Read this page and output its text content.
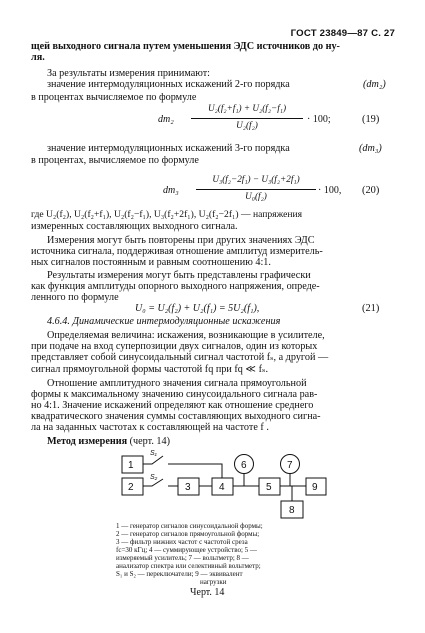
ГОСТ 23849—87 С. 27
щей выходного сигнала путем уменьшения ЭДС источников до ну-
ля.
За результаты измерения принимают:
значение интермодуляционных искажений 2-го порядка	(dm₂)
в процентах вычисляемое по формуле
dm₂
U₂(f₂+f₁) + U₂(f₂−f₁)
U₂(f₂)	· 100;	(19)
значение интермодуляционных искажений 3-го порядка	(dm₃)
в процентах, вычисляемое по формуле
dm₃
U₃(f₂−2f₁) − U₃(f₂+2f₁)
U₀(f₂)	· 100, (20)
где U₂(f₂), U₂(f₂+f₁), U₂(f₂−f₁), U₃(f₂+2f₁), U₂(f₂−2f₁) — напряжения
измеренных составляющих выходного сигнала.
Измерения могут быть повторены при других значениях ЭДС
источника сигнала, поддерживая отношение амплитуд измеритель-
ных сигналов постоянным и равным соотношению 4:1.
Результаты измерения могут быть представлены графически
как функция амплитуды опорного выходного напряжения, опреде-
ленного по формуле
U₀ = U₂(f₂) + U₂(f₁) = 5U₂(f₁),	(21)
4.6.4. Динамические интермодуляционные искажения
Определяемая величина: искажения, возникающие в усилителе,
при подаче на вход суперпозиции двух сигналов, один из которых
представляет собой синусоидальный сигнал частотой fₛ, а другой —
сигнал прямоугольной формы частотой fq при fq ≪ fₛ.
Отношение амплитудного значения сигнала прямоугольной
формы к максимальному значению синусоидального сигнала рав-
но 4:1. Значение искажений определяют как отношение среднего
квадратического значения суммы составляющих выходного сигна-
ла на заданных частотах к составляющей на частоте f .
Метод измерения (черт. 14)
1
2	3	4	5	9
8
6	7
S₁
S₂
1 — генератор сигналов синусоидальной формы;
2 — генератор сигналов прямоугольной формы;
3 — фильтр нижних частот с частотой среза
fc=30 кГц; 4 — суммирующее устройство; 5 —
измеряемый усилитель; 7 — вольтметр; 8 —
анализатор спектра или селективный вольтметр;
S₁ и S₂ — переключатели; 9 — эквивалент
нагрузки
Черт. 14
